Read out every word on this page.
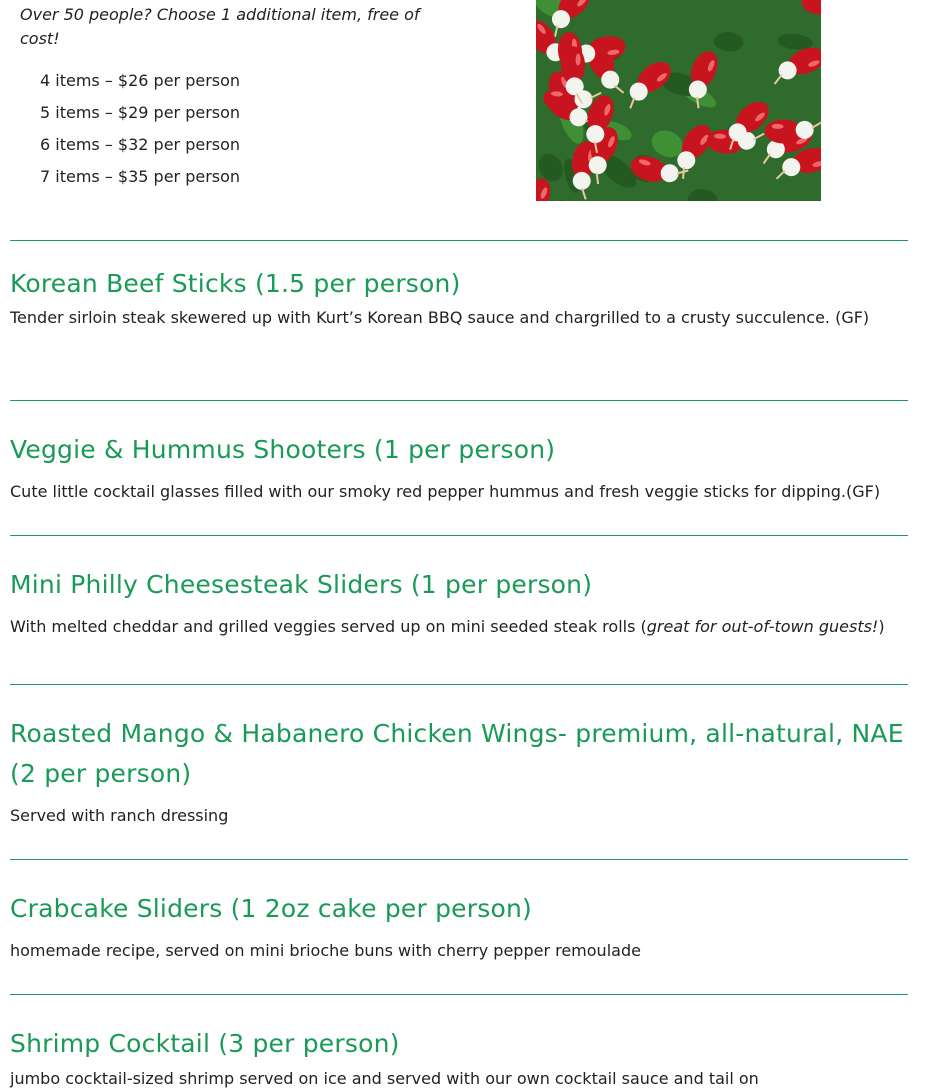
Over 50 people? Choose 1 additional item, free of cost!
4 items – $26 per person
5 items – $29 per person
6 items – $32 per person
7 items – $35 per person
Korean Beef Sticks (1.5 per person)

Tender sirloin steak skewered up with Kurt’s Korean BBQ sauce and chargrilled to a crusty succulence. (GF)

Veggie & Hummus Shooters (1 per person)

Cute little cocktail glasses filled with our smoky red pepper hummus and fresh veggie sticks for dipping.(GF)

Mini Philly Cheesesteak Sliders (1 per person)

With melted cheddar and grilled veggies served up on mini seeded steak rolls (great for out-of-town guests!)

Roasted Mango & Habanero Chicken Wings- premium, all-natural, NAE (2 per person)

Served with ranch dressing

Crabcake Sliders (1 2oz cake per person)

homemade recipe, served on mini brioche buns with cherry pepper remoulade

Shrimp Cocktail (3 per person)

jumbo cocktail-sized shrimp served on ice and served with our own cocktail sauce and tail on
